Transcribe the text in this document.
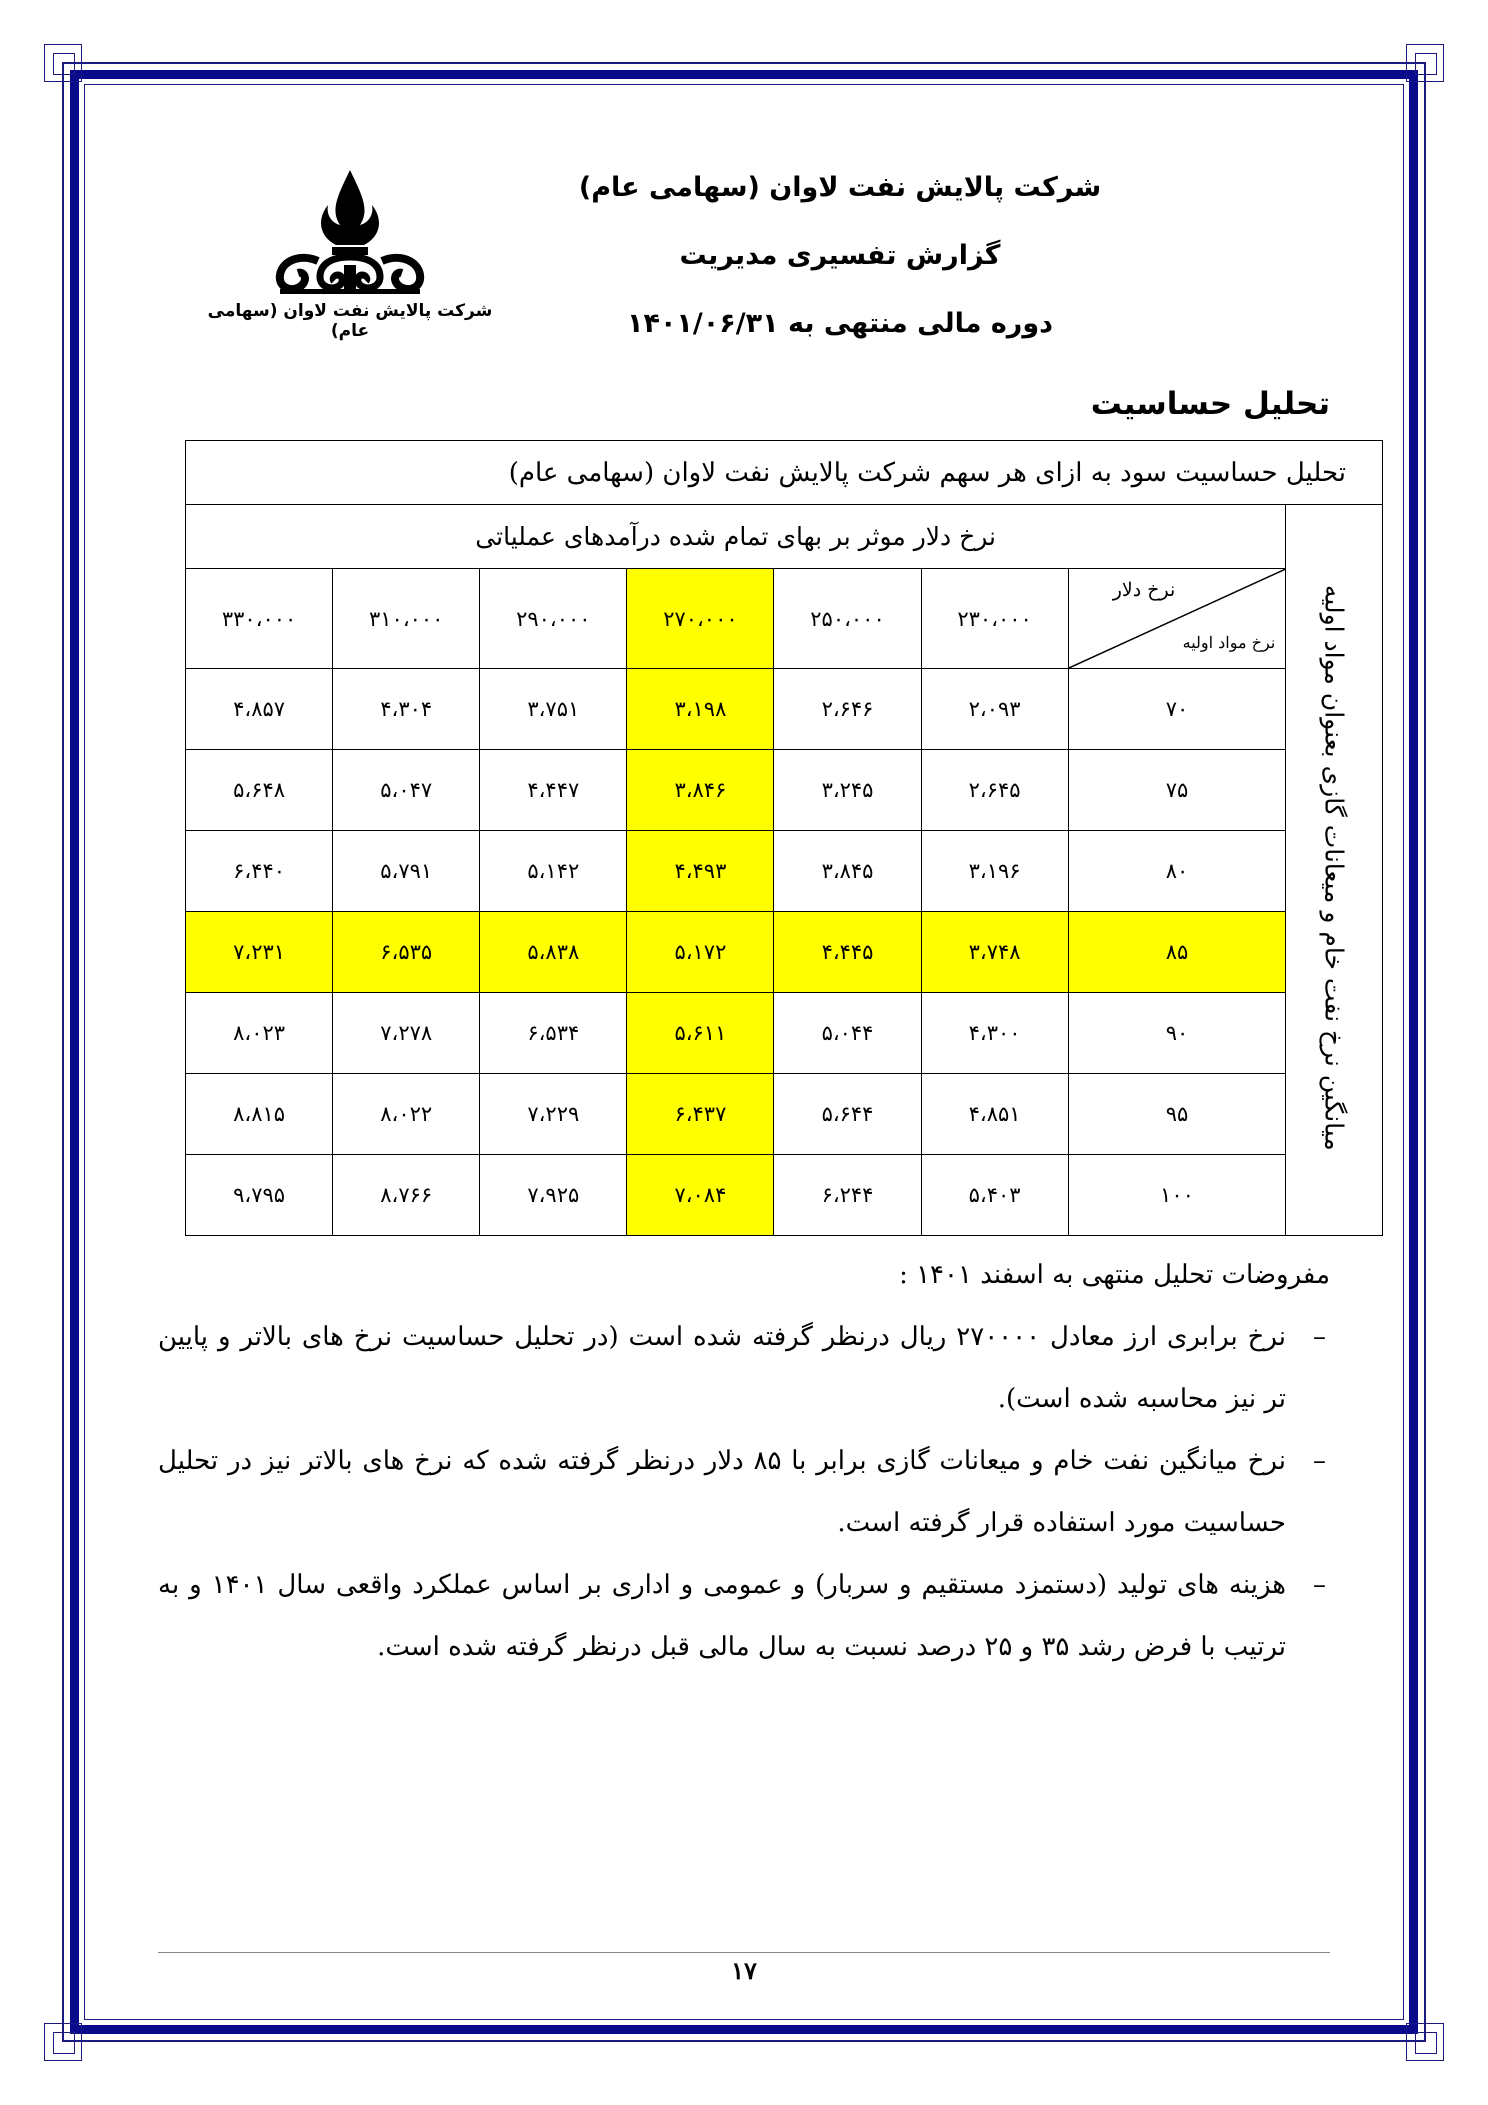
شرکت پالایش نفت لاوان (سهامی عام)
گزارش تفسیری مدیریت
دوره مالی منتهی به ۱۴۰۱/۰۶/۳۱
شرکت پالایش نفت لاوان (سهامی عام)
تحلیل حساسیت
تحلیل حساسیت سود به ازای هر سهم شرکت پالایش نفت لاوان (سهامی عام)							
میانگین نرخ نفت خام و میعانات گازی بعنوان مواد اولیه	نرخ دلار موثر بر بهای تمام شده درآمدهای عملیاتی						

	نرخ دلار
نرخ مواد اولیه	۲۳۰،۰۰۰	۲۵۰،۰۰۰	۲۷۰،۰۰۰	۲۹۰،۰۰۰	۳۱۰،۰۰۰	۳۳۰،۰۰۰
	۷۰	۲،۰۹۳	۲،۶۴۶	۳،۱۹۸	۳،۷۵۱	۴،۳۰۴	۴،۸۵۷
	۷۵	۲،۶۴۵	۳،۲۴۵	۳،۸۴۶	۴،۴۴۷	۵،۰۴۷	۵،۶۴۸
	۸۰	۳،۱۹۶	۳،۸۴۵	۴،۴۹۳	۵،۱۴۲	۵،۷۹۱	۶،۴۴۰
	۸۵	۳،۷۴۸	۴،۴۴۵	۵،۱۷۲	۵،۸۳۸	۶،۵۳۵	۷،۲۳۱
	۹۰	۴،۳۰۰	۵،۰۴۴	۵،۶۱۱	۶،۵۳۴	۷،۲۷۸	۸،۰۲۳
	۹۵	۴،۸۵۱	۵،۶۴۴	۶،۴۳۷	۷،۲۲۹	۸،۰۲۲	۸،۸۱۵
	۱۰۰	۵،۴۰۳	۶،۲۴۴	۷،۰۸۴	۷،۹۲۵	۸،۷۶۶	۹،۷۹۵
مفروضات تحلیل منتهی به اسفند ۱۴۰۱ :
–
نرخ برابری ارز معادل ۲۷۰۰۰۰ ریال درنظر گرفته شده است (در تحلیل حساسیت نرخ های بالاتر و پایین تر نیز محاسبه شده است).
–
نرخ میانگین نفت خام و میعانات گازی برابر با ۸۵ دلار درنظر گرفته شده که نرخ های بالاتر نیز در تحلیل حساسیت مورد استفاده قرار گرفته است.
–
هزینه های تولید (دستمزد مستقیم و سربار) و عمومی و اداری بر اساس عملکرد واقعی سال ۱۴۰۱ و به ترتیب با فرض رشد ۳۵ و ۲۵ درصد نسبت به سال مالی قبل درنظر گرفته شده است.
۱۷
